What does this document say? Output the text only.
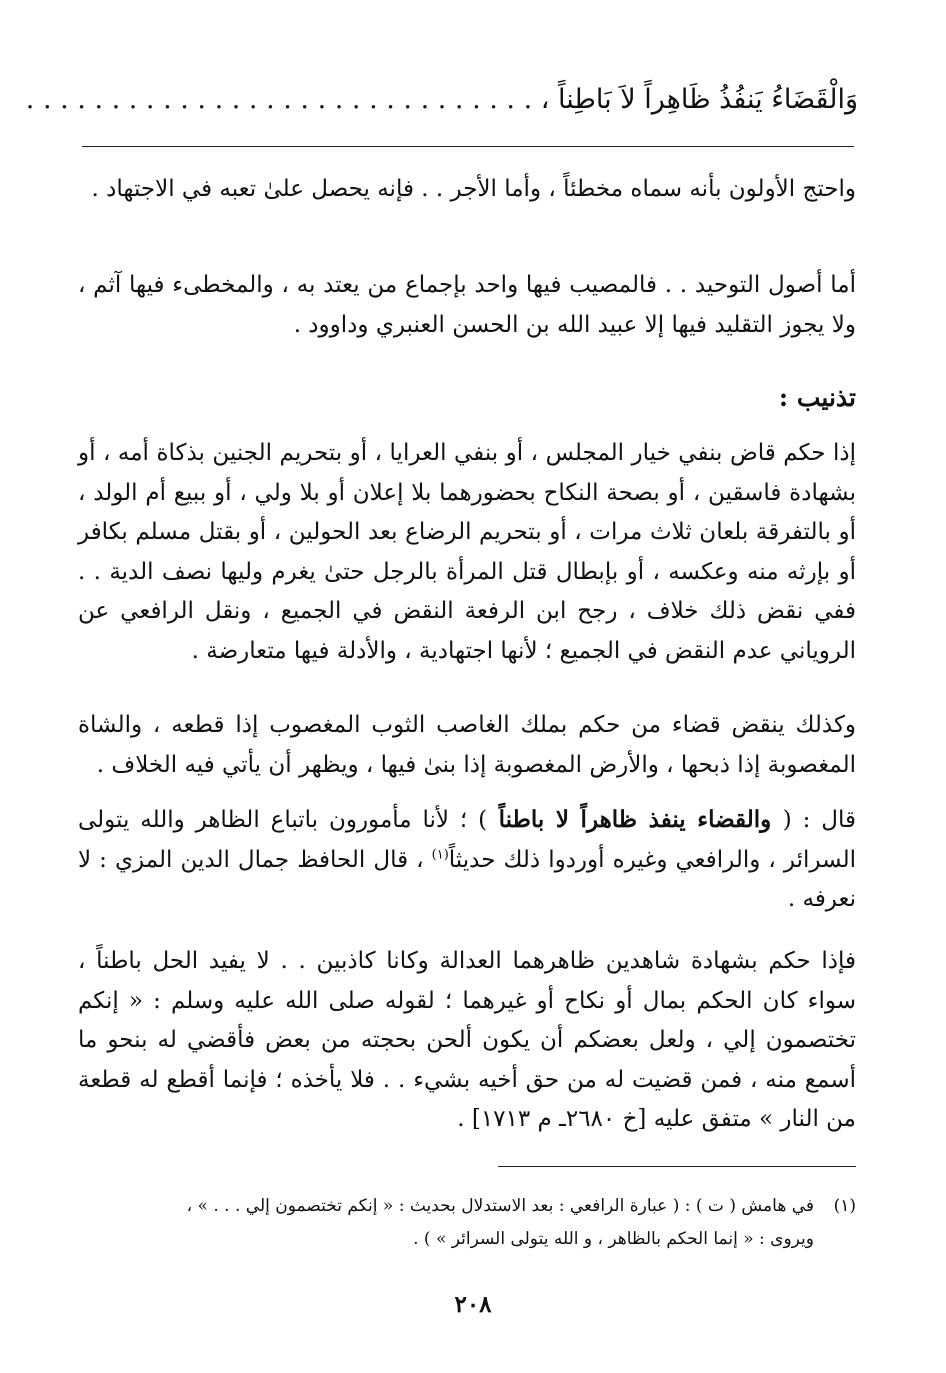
وَالْقَضَاءُ يَنفُذُ ظَاهِراً لاَ بَاطِناً ، . . . . . . . . . . . . . . . . . . . . . . . . . . . . . .
واحتج الأولون بأنه سماه مخطئاً ، وأما الأجر . . فإنه يحصل علىٰ تعبه في الاجتهاد .
أما أصول التوحيد . . فالمصيب فيها واحد بإجماع من يعتد به ، والمخطىء فيها آثم ، ولا يجوز التقليد فيها إلا عبيد الله بن الحسن العنبري وداوود .
تذنيب :
إذا حكم قاض بنفي خيار المجلس ، أو بنفي العرايا ، أو بتحريم الجنين بذكاة أمه ، أو بشهادة فاسقين ، أو بصحة النكاح بحضورهما بلا إعلان أو بلا ولي ، أو ببيع أم الولد ، أو بالتفرقة بلعان ثلاث مرات ، أو بتحريم الرضاع بعد الحولين ، أو بقتل مسلم بكافر أو بإرثه منه وعكسه ، أو بإبطال قتل المرأة بالرجل حتىٰ يغرم وليها نصف الدية . . ففي نقض ذلك خلاف ، رجح ابن الرفعة النقض في الجميع ، ونقل الرافعي عن الروياني عدم النقض في الجميع ؛ لأنها اجتهادية ، والأدلة فيها متعارضة .
وكذلك ينقض قضاء من حكم بملك الغاصب الثوب المغصوب إذا قطعه ، والشاة المغصوبة إذا ذبحها ، والأرض المغصوبة إذا بنىٰ فيها ، ويظهر أن يأتي فيه الخلاف .
قال : ( والقضاء ينفذ ظاهراً لا باطناً ) ؛ لأنا مأمورون باتباع الظاهر والله يتولى السرائر ، والرافعي وغيره أوردوا ذلك حديثاً$^{(١)}$ ، قال الحافظ جمال الدين المزي : لا نعرفه .
فإذا حكم بشهادة شاهدين ظاهرهما العدالة وكانا كاذبين . . لا يفيد الحل باطناً ، سواء كان الحكم بمال أو نكاح أو غيرهما ؛ لقوله صلى الله عليه وسلم : « إنكم تختصمون إلي ، ولعل بعضكم أن يكون ألحن بحجته من بعض فأقضي له بنحو ما أسمع منه ، فمن قضيت له من حق أخيه بشيء . . فلا يأخذه ؛ فإنما أقطع له قطعة من النار » متفق عليه [خ ٢٦٨٠ـ م ١٧١٣] .
(١)في هامش ( ت ) : ( عبارة الرافعي : بعد الاستدلال بحديث : « إنكم تختصمون إلي . . . » ،
ويروى : « إنما الحكم بالظاهر ، و الله يتولى السرائر » ) .
٢٠٨
